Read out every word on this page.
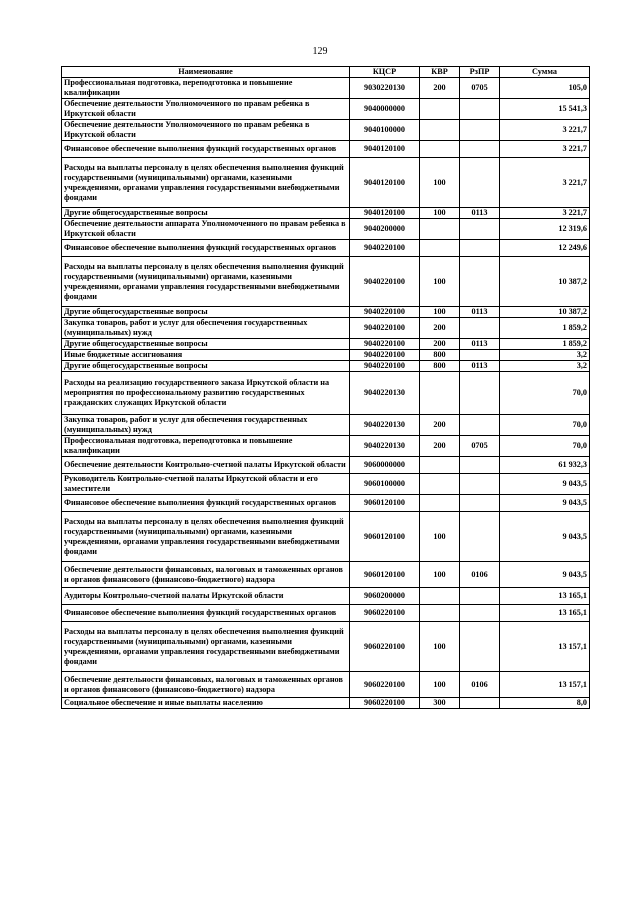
129
Наименование	КЦСР	КВР	РзПР	Сумма
Профессиональная подготовка, переподготовка и повышение квалификации	9030220130	200	0705	105,0
Обеспечение деятельности Уполномоченного по правам ребенка в Иркутской области	9040000000			15 541,3
Обеспечение деятельности Уполномоченного по правам ребенка в Иркутской области	9040100000			3 221,7
Финансовое обеспечение выполнения функций государственных органов	9040120100			3 221,7
Расходы на выплаты персоналу в целях обеспечения выполнения функций государственными (муниципальными) органами, казенными учреждениями, органами управления государственными внебюджетными фондами	9040120100	100		3 221,7
Другие общегосударственные вопросы	9040120100	100	0113	3 221,7
Обеспечение деятельности аппарата Уполномоченного по правам ребенка в Иркутской области	9040200000			12 319,6
Финансовое обеспечение выполнения функций государственных органов	9040220100			12 249,6
Расходы на выплаты персоналу в целях обеспечения выполнения функций государственными (муниципальными) органами, казенными учреждениями, органами управления государственными внебюджетными фондами	9040220100	100		10 387,2
Другие общегосударственные вопросы	9040220100	100	0113	10 387,2
Закупка товаров, работ и услуг для обеспечения государственных (муниципальных) нужд	9040220100	200		1 859,2
Другие общегосударственные вопросы	9040220100	200	0113	1 859,2
Иные бюджетные ассигнования	9040220100	800		3,2
Другие общегосударственные вопросы	9040220100	800	0113	3,2
Расходы на реализацию государственного заказа Иркутской области на мероприятия по профессиональному развитию государственных гражданских служащих Иркутской области	9040220130			70,0
Закупка товаров, работ и услуг для обеспечения государственных (муниципальных) нужд	9040220130	200		70,0
Профессиональная подготовка, переподготовка и повышение квалификации	9040220130	200	0705	70,0
Обеспечение деятельности Контрольно-счетной палаты Иркутской области	9060000000			61 932,3
Руководитель Контрольно-счетной палаты Иркутской области и его заместители	9060100000			9 043,5
Финансовое обеспечение выполнения функций государственных органов	9060120100			9 043,5
Расходы на выплаты персоналу в целях обеспечения выполнения функций государственными (муниципальными) органами, казенными учреждениями, органами управления государственными внебюджетными фондами	9060120100	100		9 043,5
Обеспечение деятельности финансовых, налоговых и таможенных органов и органов финансового (финансово-бюджетного) надзора	9060120100	100	0106	9 043,5
Аудиторы Контрольно-счетной палаты Иркутской области	9060200000			13 165,1
Финансовое обеспечение выполнения функций государственных органов	9060220100			13 165,1
Расходы на выплаты персоналу в целях обеспечения выполнения функций государственными (муниципальными) органами, казенными учреждениями, органами управления государственными внебюджетными фондами	9060220100	100		13 157,1
Обеспечение деятельности финансовых, налоговых и таможенных органов и органов финансового (финансово-бюджетного) надзора	9060220100	100	0106	13 157,1
Социальное обеспечение и иные выплаты населению	9060220100	300		8,0
